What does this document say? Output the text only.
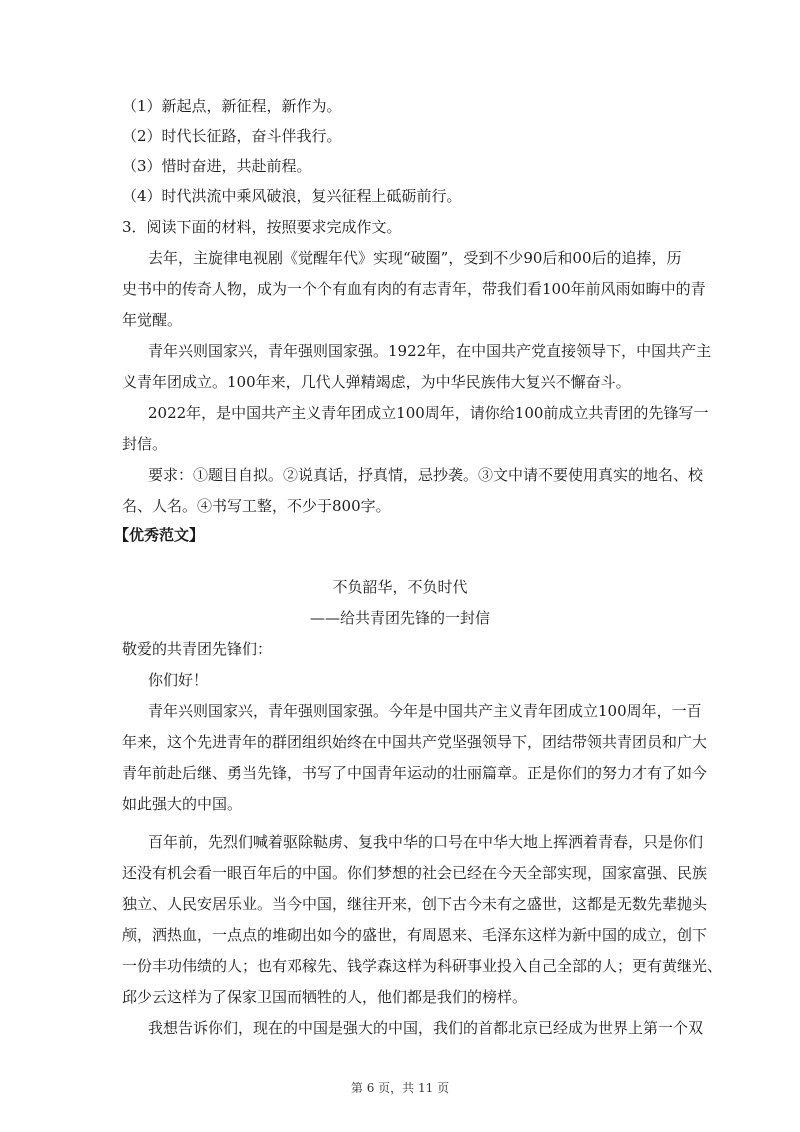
（1）新起点，新征程，新作为。
（2）时代长征路，奋斗伴我行。
（3）惜时奋进，共赴前程。
（4）时代洪流中乘风破浪，复兴征程上砥砺前行。
3．阅读下面的材料，按照要求完成作文。
去年，主旋律电视剧《觉醒年代》实现“破圈”，受到不少90后和00后的追捧，历
史书中的传奇人物，成为一个个有血有肉的有志青年，带我们看100年前风雨如晦中的青
年觉醒。
青年兴则国家兴，青年强则国家强。1922年，在中国共产党直接领导下，中国共产主
义青年团成立。100年来，几代人弹精竭虑，为中华民族伟大复兴不懈奋斗。
2022年，是中国共产主义青年团成立100周年，请你给100前成立共青团的先锋写一
封信。
要求：①题目自拟。②说真话，抒真情，忌抄袭。③文中请不要使用真实的地名、校
名、人名。④书写工整，不少于800字。
【优秀范文】
不负韶华，不负时代
——给共青团先锋的一封信
敬爱的共青团先锋们：
你们好！
青年兴则国家兴，青年强则国家强。今年是中国共产主义青年团成立100周年，一百
年来，这个先进青年的群团组织始终在中国共产党坚强领导下，团结带领共青团员和广大
青年前赴后继、勇当先锋，书写了中国青年运动的壮丽篇章。正是你们的努力才有了如今
如此强大的中国。
百年前，先烈们喊着驱除鞑虏、复我中华的口号在中华大地上挥洒着青春，只是你们
还没有机会看一眼百年后的中国。你们梦想的社会已经在今天全部实现，国家富强、民族
独立、人民安居乐业。当今中国，继往开来，创下古今未有之盛世，这都是无数先辈抛头
颅，洒热血，一点点的堆砌出如今的盛世，有周恩来、毛泽东这样为新中国的成立，创下
一份丰功伟绩的人；也有邓稼先、钱学森这样为科研事业投入自己全部的人；更有黄继光、
邱少云这样为了保家卫国而牺牲的人，他们都是我们的榜样。
我想告诉你们，现在的中国是强大的中国，我们的首都北京已经成为世界上第一个双
第 6 页，共 11 页
